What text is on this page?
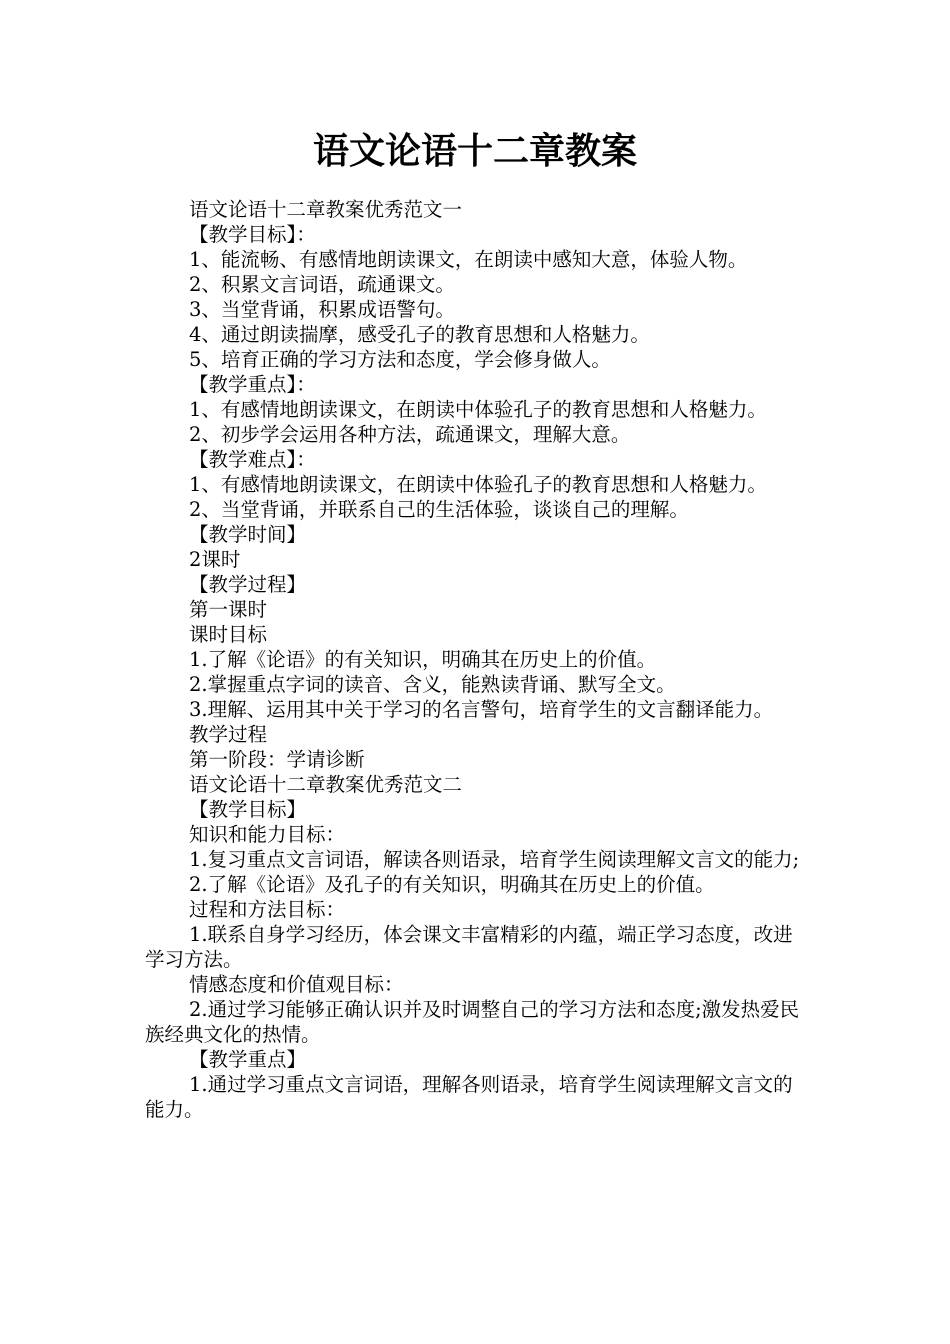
语文论语十二章教案

语文论语十二章教案优秀范文一

【教学目标】：

1、能流畅、有感情地朗读课文，在朗读中感知大意，体验人物。

2、积累文言词语，疏通课文。

3、当堂背诵，积累成语警句。

4、通过朗读揣摩，感受孔子的教育思想和人格魅力。

5、培育正确的学习方法和态度，学会修身做人。

【教学重点】：

1、有感情地朗读课文，在朗读中体验孔子的教育思想和人格魅力。

2、初步学会运用各种方法，疏通课文，理解大意。

【教学难点】：

1、有感情地朗读课文，在朗读中体验孔子的教育思想和人格魅力。

2、当堂背诵，并联系自己的生活体验，谈谈自己的理解。

【教学时间】

2课时

【教学过程】

第一课时

课时目标

1.了解《论语》的有关知识，明确其在历史上的价值。

2.掌握重点字词的读音、含义，能熟读背诵、默写全文。

3.理解、运用其中关于学习的名言警句，培育学生的文言翻译能力。

教学过程

第一阶段：学请诊断

语文论语十二章教案优秀范文二

【教学目标】

知识和能力目标：

1.复习重点文言词语，解读各则语录，培育学生阅读理解文言文的能力;

2.了解《论语》及孔子的有关知识，明确其在历史上的价值。

过程和方法目标：

1.联系自身学习经历，体会课文丰富精彩的内蕴，端正学习态度，改进学习方法。

情感态度和价值观目标：

2.通过学习能够正确认识并及时调整自己的学习方法和态度;激发热爱民族经典文化的热情。

【教学重点】

1.通过学习重点文言词语，理解各则语录，培育学生阅读理解文言文的能力。
